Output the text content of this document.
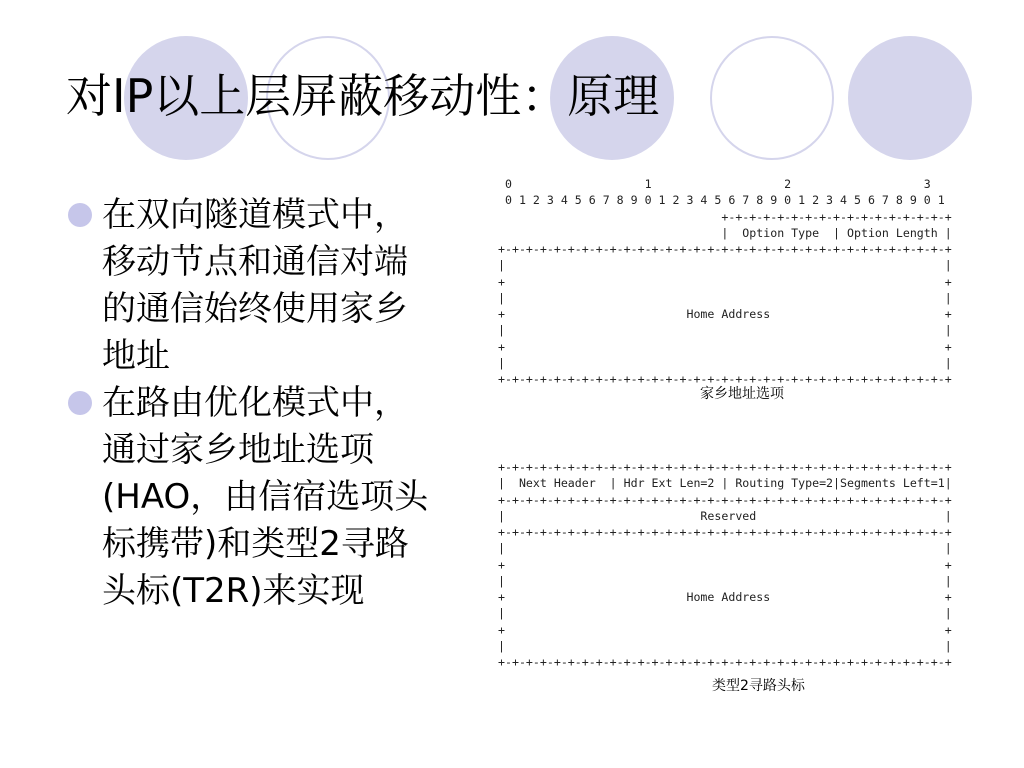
对IP以上层屏蔽移动性：原理
在双向隧道模式中，
移动节点和通信对端
的通信始终使用家乡
地址
在路由优化模式中，
通过家乡地址选项
(HAO，由信宿选项头
标携带)和类型2寻路
头标(T2R)来实现
0                   1                   2                   3
0 1 2 3 4 5 6 7 8 9 0 1 2 3 4 5 6 7 8 9 0 1 2 3 4 5 6 7 8 9 0 1
+-+-+-+-+-+-+-+-+-+-+-+-+-+-+-+-+
|  Option Type  | Option Length |
+-+-+-+-+-+-+-+-+-+-+-+-+-+-+-+-+-+-+-+-+-+-+-+-+-+-+-+-+-+-+-+-+
|                                                               |
+                                                               +
|                                                               |
+                          Home Address                         +
|                                                               |
+                                                               +
|                                                               |
+-+-+-+-+-+-+-+-+-+-+-+-+-+-+-+-+-+-+-+-+-+-+-+-+-+-+-+-+-+-+-+-+
家乡地址选项
+-+-+-+-+-+-+-+-+-+-+-+-+-+-+-+-+-+-+-+-+-+-+-+-+-+-+-+-+-+-+-+-+
|  Next Header  | Hdr Ext Len=2 | Routing Type=2|Segments Left=1|
+-+-+-+-+-+-+-+-+-+-+-+-+-+-+-+-+-+-+-+-+-+-+-+-+-+-+-+-+-+-+-+-+
|                            Reserved                           |
+-+-+-+-+-+-+-+-+-+-+-+-+-+-+-+-+-+-+-+-+-+-+-+-+-+-+-+-+-+-+-+-+
|                                                               |
+                                                               +
|                                                               |
+                          Home Address                         +
|                                                               |
+                                                               +
|                                                               |
+-+-+-+-+-+-+-+-+-+-+-+-+-+-+-+-+-+-+-+-+-+-+-+-+-+-+-+-+-+-+-+-+
类型2寻路头标
